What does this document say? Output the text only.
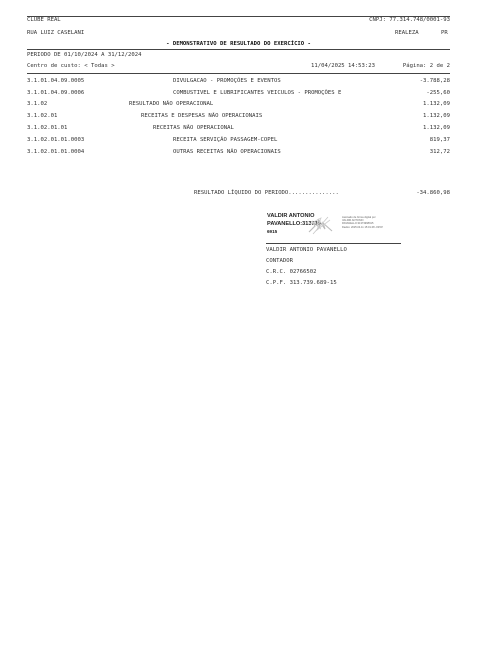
CLUBE REAL	CNPJ: 77.314.748/0001-93
RUA LUIZ CASELANI	REALEZA	PR
- DEMONSTRATIVO DE RESULTADO DO EXERCÍCIO -
PERIODO DE 01/10/2024 A 31/12/2024
Centro de custo: < Todas >	11/04/2025 14:53:23	Página: 2 de 2
3.1.01.04.09.0005	DIVULGACAO - PROMOÇÕES E EVENTOS	-3.788,28
3.1.01.04.09.0006	COMBUSTIVEL E LUBRIFICANTES VEICULOS - PROMOÇÕES E	-255,60
3.1.02	RESULTADO NÃO OPERACIONAL	1.132,09
3.1.02.01	RECEITAS E DESPESAS NÃO OPERACIONAIS	1.132,09
3.1.02.01.01	RECEITAS NÃO OPERACIONAL	1.132,09
3.1.02.01.01.0003	RECEITA SERVIÇÃO PASSAGEM-COPEL	819,37
3.1.02.01.01.0004	OUTRAS RECEITAS NÃO OPERACIONAIS	312,72
RESULTADO LÍQUIDO DO PERIODO...............	-34.860,98
VALDIR ANTONIO
PAVANELLO:313739
6915
Assinado de forma digital por
VALDIR ANTONIO
PAVANELLO:31373968915
Dados: 2025.04.11 15:01:48 -03'00'
VALDIR ANTONIO PAVANELLO
CONTADOR
C.R.C. 02766502
C.P.F. 313.739.689-15
